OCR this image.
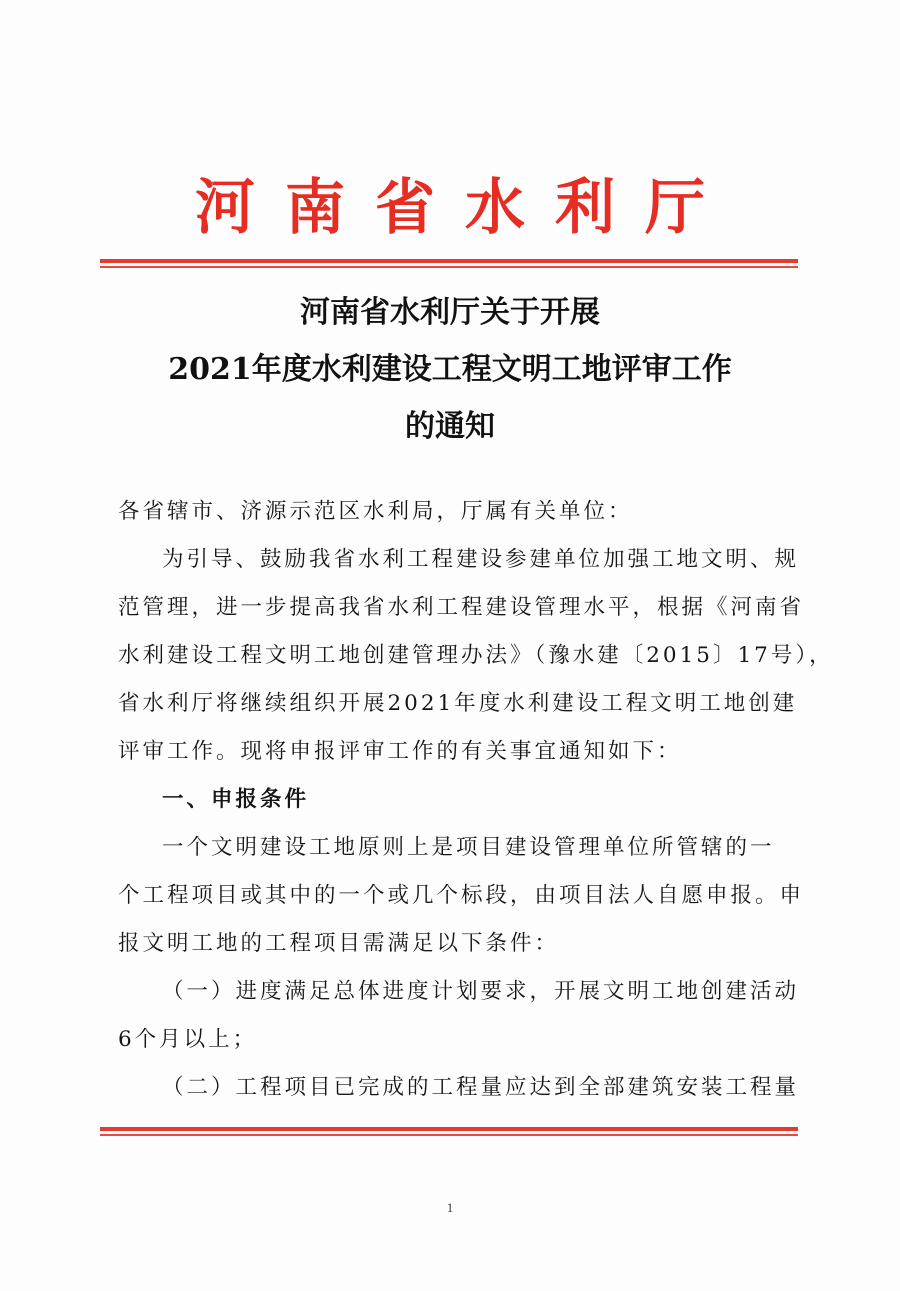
河南省水利厅
河南省水利厅关于开展
2021年度水利建设工程文明工地评审工作
的通知
各省辖市、济源示范区水利局，厅属有关单位：
为引导、鼓励我省水利工程建设参建单位加强工地文明、规
范管理，进一步提高我省水利工程建设管理水平，根据《河南省
水利建设工程文明工地创建管理办法》（豫水建〔2015〕17号），
省水利厅将继续组织开展2021年度水利建设工程文明工地创建
评审工作。现将申报评审工作的有关事宜通知如下：
一、申报条件
一个文明建设工地原则上是项目建设管理单位所管辖的一
个工程项目或其中的一个或几个标段，由项目法人自愿申报。申
报文明工地的工程项目需满足以下条件：
（一）进度满足总体进度计划要求，开展文明工地创建活动
6个月以上；
（二）工程项目已完成的工程量应达到全部建筑安装工程量
1
